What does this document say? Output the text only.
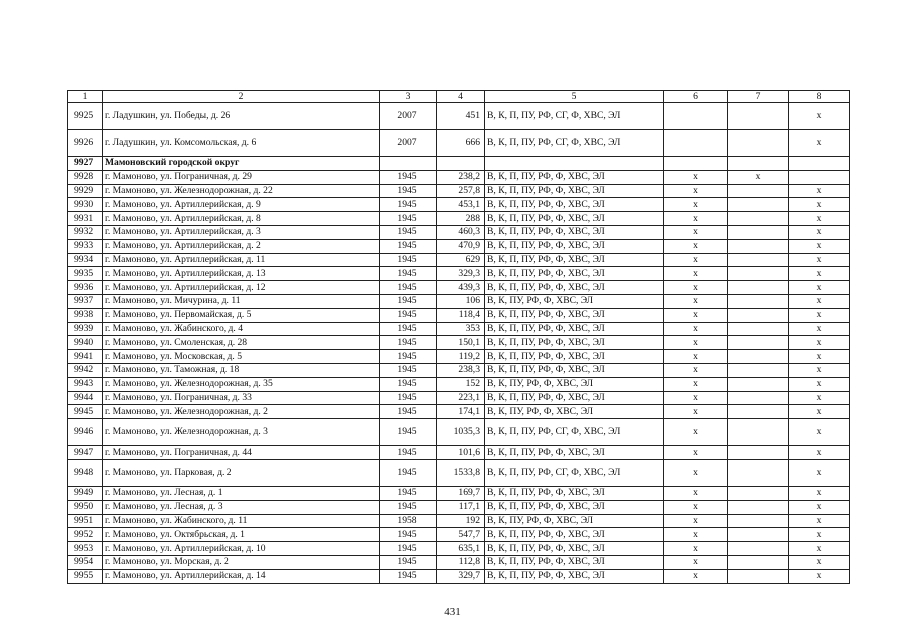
1	2	3	4	5	6	7	8
9925	г. Ладушкин, ул. Победы, д. 26	2007	451	В, К, П, ПУ, РФ, СГ, Ф, ХВС, ЭЛ			х
9926	г. Ладушкин, ул. Комсомольская, д. 6	2007	666	В, К, П, ПУ, РФ, СГ, Ф, ХВС, ЭЛ			х
9927	Мамоновский городской округ						
9928	г. Мамоново, ул. Пограничная, д. 29	1945	238,2	В, К, П, ПУ, РФ, Ф, ХВС, ЭЛ	х	х	
9929	г. Мамоново, ул. Железнодорожная, д. 22	1945	257,8	В, К, П, ПУ, РФ, Ф, ХВС, ЭЛ	х		х
9930	г. Мамоново, ул. Артиллерийская, д. 9	1945	453,1	В, К, П, ПУ, РФ, Ф, ХВС, ЭЛ	х		х
9931	г. Мамоново, ул. Артиллерийская, д. 8	1945	288	В, К, П, ПУ, РФ, Ф, ХВС, ЭЛ	х		х
9932	г. Мамоново, ул. Артиллерийская, д. 3	1945	460,3	В, К, П, ПУ, РФ, Ф, ХВС, ЭЛ	х		х
9933	г. Мамоново, ул. Артиллерийская, д. 2	1945	470,9	В, К, П, ПУ, РФ, Ф, ХВС, ЭЛ	х		х
9934	г. Мамоново, ул. Артиллерийская, д. 11	1945	629	В, К, П, ПУ, РФ, Ф, ХВС, ЭЛ	х		х
9935	г. Мамоново, ул. Артиллерийская, д. 13	1945	329,3	В, К, П, ПУ, РФ, Ф, ХВС, ЭЛ	х		х
9936	г. Мамоново, ул. Артиллерийская, д. 12	1945	439,3	В, К, П, ПУ, РФ, Ф, ХВС, ЭЛ	х		х
9937	г. Мамоново, ул. Мичурина, д. 11	1945	106	В, К, ПУ, РФ, Ф, ХВС, ЭЛ	х		х
9938	г. Мамоново, ул. Первомайская, д. 5	1945	118,4	В, К, П, ПУ, РФ, Ф, ХВС, ЭЛ	х		х
9939	г. Мамоново, ул. Жабинского, д. 4	1945	353	В, К, П, ПУ, РФ, Ф, ХВС, ЭЛ	х		х
9940	г. Мамоново, ул. Смоленская, д. 28	1945	150,1	В, К, П, ПУ, РФ, Ф, ХВС, ЭЛ	х		х
9941	г. Мамоново, ул. Московская, д. 5	1945	119,2	В, К, П, ПУ, РФ, Ф, ХВС, ЭЛ	х		х
9942	г. Мамоново, ул. Таможная, д. 18	1945	238,3	В, К, П, ПУ, РФ, Ф, ХВС, ЭЛ	х		х
9943	г. Мамоново, ул. Железнодорожная, д. 35	1945	152	В, К, ПУ, РФ, Ф, ХВС, ЭЛ	х		х
9944	г. Мамоново, ул. Пограничная, д. 33	1945	223,1	В, К, П, ПУ, РФ, Ф, ХВС, ЭЛ	х		х
9945	г. Мамоново, ул. Железнодорожная, д. 2	1945	174,1	В, К, ПУ, РФ, Ф, ХВС, ЭЛ	х		х
9946	г. Мамоново, ул. Железнодорожная, д. 3	1945	1035,3	В, К, П, ПУ, РФ, СГ, Ф, ХВС, ЭЛ	х		х
9947	г. Мамоново, ул. Пограничная, д. 44	1945	101,6	В, К, П, ПУ, РФ, Ф, ХВС, ЭЛ	х		х
9948	г. Мамоново, ул. Парковая, д. 2	1945	1533,8	В, К, П, ПУ, РФ, СГ, Ф, ХВС, ЭЛ	х		х
9949	г. Мамоново, ул. Лесная, д. 1	1945	169,7	В, К, П, ПУ, РФ, Ф, ХВС, ЭЛ	х		х
9950	г. Мамоново, ул. Лесная, д. 3	1945	117,1	В, К, П, ПУ, РФ, Ф, ХВС, ЭЛ	х		х
9951	г. Мамоново, ул. Жабинского, д. 11	1958	192	В, К, ПУ, РФ, Ф, ХВС, ЭЛ	х		х
9952	г. Мамоново, ул. Октябрьская, д. 1	1945	547,7	В, К, П, ПУ, РФ, Ф, ХВС, ЭЛ	х		х
9953	г. Мамоново, ул. Артиллерийская, д. 10	1945	635,1	В, К, П, ПУ, РФ, Ф, ХВС, ЭЛ	х		х
9954	г. Мамоново, ул. Морская, д. 2	1945	112,8	В, К, П, ПУ, РФ, Ф, ХВС, ЭЛ	х		х
9955	г. Мамоново, ул. Артиллерийская, д. 14	1945	329,7	В, К, П, ПУ, РФ, Ф, ХВС, ЭЛ	х		х
431
